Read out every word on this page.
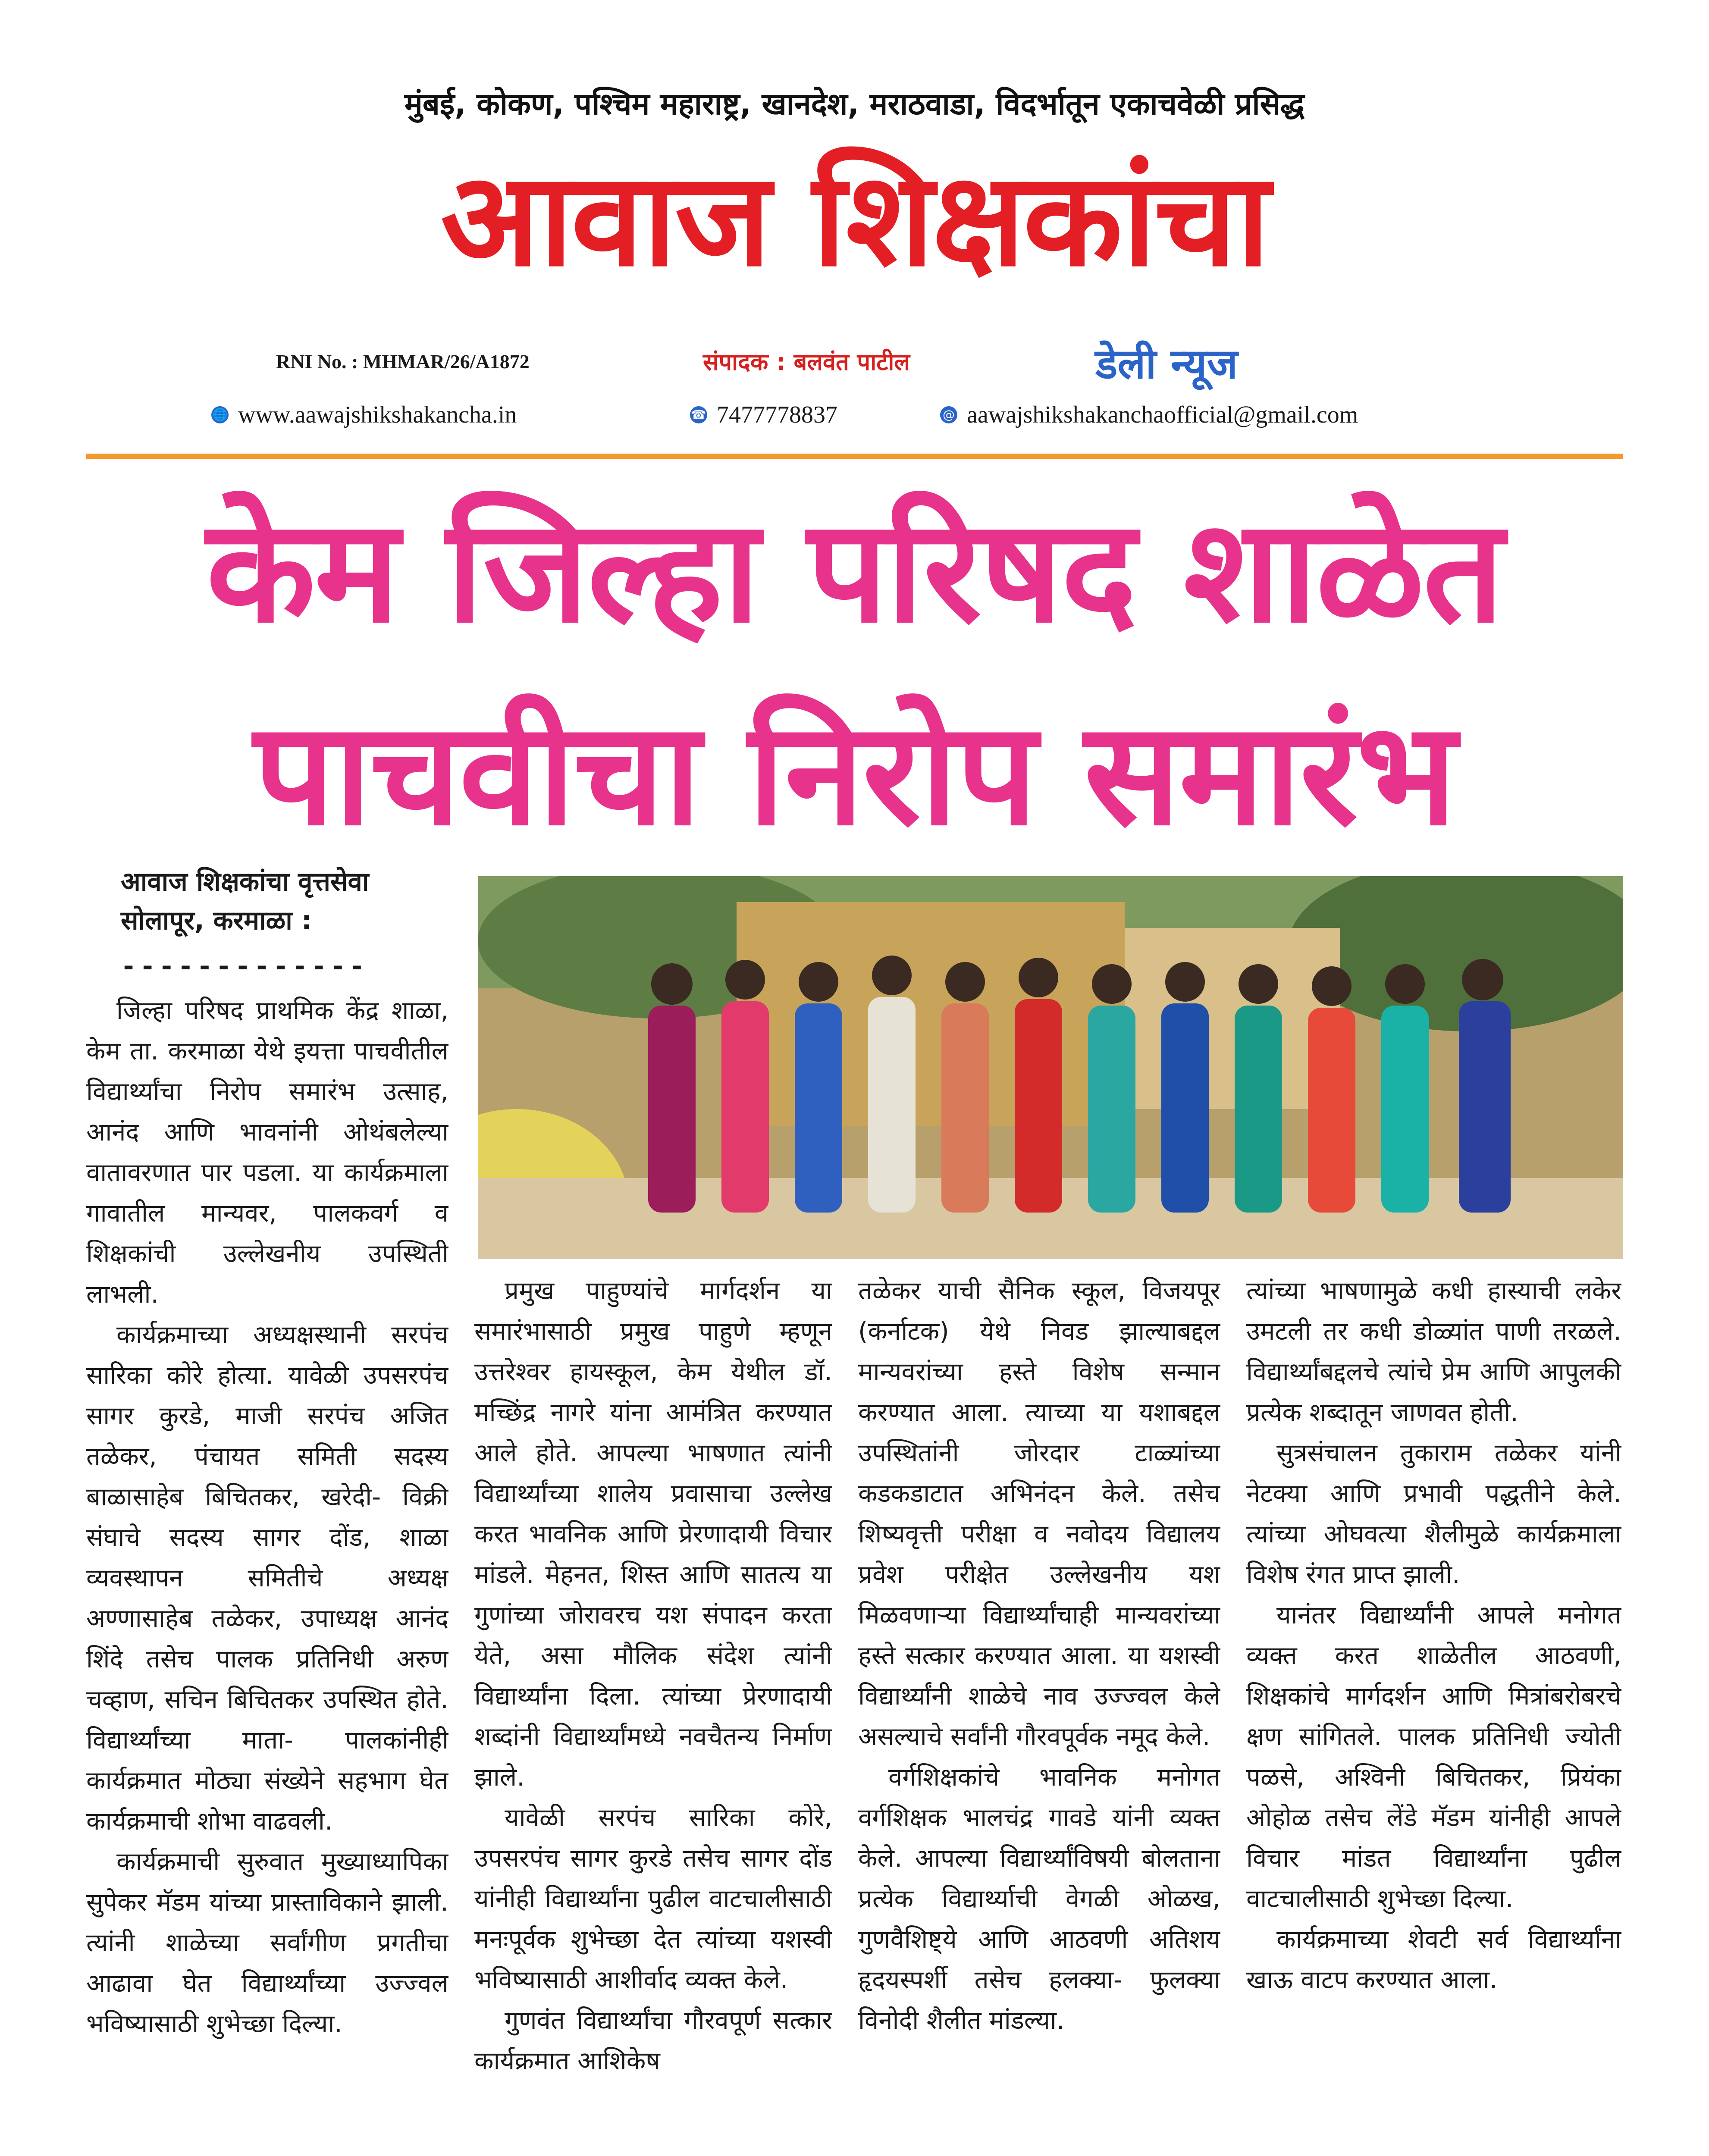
मुंबई, कोकण, पश्चिम महाराष्ट्र, खानदेश, मराठवाडा, विदर्भातून एकाचवेळी प्रसिद्ध
आवाज शिक्षकांचा
RNI No. : MHMAR/26/A1872	संपादक : बलवंत पाटील	डेली न्यूज
🌐 www.aawajshikshakancha.in	☎ 7477778837	@ aawajshikshakanchaofficial@gmail.com
केम जिल्हा परिषद शाळेत
पाचवीचा निरोप समारंभ
आवाज शिक्षकांचा वृत्तसेवा
सोलापूर, करमाळा :
-------------

जिल्हा परिषद प्राथमिक केंद्र शाळा, केम ता. करमाळा येथे इयत्ता पाचवीतील विद्यार्थ्यांचा निरोप समारंभ उत्साह, आनंद आणि भावनांनी ओथंबलेल्या वातावरणात पार पडला. या कार्यक्रमाला गावातील मान्यवर, पालकवर्ग व शिक्षकांची उल्लेखनीय उपस्थिती लाभली.

कार्यक्रमाच्या अध्यक्षस्थानी सरपंच सारिका कोरे होत्या. यावेळी उपसरपंच सागर कुरडे, माजी सरपंच अजित तळेकर, पंचायत समिती सदस्य बाळासाहेब बिचितकर, खरेदी- विक्री संघाचे सदस्य सागर दोंड, शाळा व्यवस्थापन समितीचे अध्यक्ष अण्णासाहेब तळेकर, उपाध्यक्ष आनंद शिंदे तसेच पालक प्रतिनिधी अरुण चव्हाण, सचिन बिचितकर उपस्थित होते. विद्यार्थ्यांच्या माता- पालकांनीही कार्यक्रमात मोठ्या संख्येने सहभाग घेत कार्यक्रमाची शोभा वाढवली.

कार्यक्रमाची सुरुवात मुख्याध्यापिका सुपेकर मॅडम यांच्या प्रास्ताविकाने झाली. त्यांनी शाळेच्या सर्वांगीण प्रगतीचा आढावा घेत विद्यार्थ्यांच्या उज्ज्वल भविष्यासाठी शुभेच्छा दिल्या.

प्रमुख पाहुण्यांचे मार्गदर्शन या समारंभासाठी प्रमुख पाहुणे म्हणून उत्तरेश्वर हायस्कूल, केम येथील डॉ. मच्छिंद्र नागरे यांना आमंत्रित करण्यात आले होते. आपल्या भाषणात त्यांनी विद्यार्थ्यांच्या शालेय प्रवासाचा उल्लेख करत भावनिक आणि प्रेरणादायी विचार मांडले. मेहनत, शिस्त आणि सातत्य या गुणांच्या जोरावरच यश संपादन करता येते, असा मौलिक संदेश त्यांनी विद्यार्थ्यांना दिला. त्यांच्या प्रेरणादायी शब्दांनी विद्यार्थ्यांमध्ये नवचैतन्य निर्माण झाले.

यावेळी सरपंच सारिका कोरे, उपसरपंच सागर कुरडे तसेच सागर दोंड यांनीही विद्यार्थ्यांना पुढील वाटचालीसाठी मनःपूर्वक शुभेच्छा देत त्यांच्या यशस्वी भविष्यासाठी आशीर्वाद व्यक्त केले.

गुणवंत विद्यार्थ्यांचा गौरवपूर्ण सत्कार कार्यक्रमात आशिकेष

तळेकर याची सैनिक स्कूल, विजयपूर (कर्नाटक) येथे निवड झाल्याबद्दल मान्यवरांच्या हस्ते विशेष सन्मान करण्यात आला. त्याच्या या यशाबद्दल उपस्थितांनी जोरदार टाळ्यांच्या कडकडाटात अभिनंदन केले. तसेच शिष्यवृत्ती परीक्षा व नवोदय विद्यालय प्रवेश परीक्षेत उल्लेखनीय यश मिळवणाऱ्या विद्यार्थ्यांचाही मान्यवरांच्या हस्ते सत्कार करण्यात आला. या यशस्वी विद्यार्थ्यांनी शाळेचे नाव उज्ज्वल केले असल्याचे सर्वांनी गौरवपूर्वक नमूद केले.

वर्गशिक्षकांचे भावनिक मनोगत वर्गशिक्षक भालचंद्र गावडे यांनी व्यक्त केले. आपल्या विद्यार्थ्यांविषयी बोलताना प्रत्येक विद्यार्थ्याची वेगळी ओळख, गुणवैशिष्ट्ये आणि आठवणी अतिशय हृदयस्पर्शी तसेच हलक्या- फुलक्या विनोदी शैलीत मांडल्या.

त्यांच्या भाषणामुळे कधी हास्याची लकेर उमटली तर कधी डोळ्यांत पाणी तरळले. विद्यार्थ्यांबद्दलचे त्यांचे प्रेम आणि आपुलकी प्रत्येक शब्दातून जाणवत होती.

सुत्रसंचालन तुकाराम तळेकर यांनी नेटक्या आणि प्रभावी पद्धतीने केले. त्यांच्या ओघवत्या शैलीमुळे कार्यक्रमाला विशेष रंगत प्राप्त झाली.

यानंतर विद्यार्थ्यांनी आपले मनोगत व्यक्त करत शाळेतील आठवणी, शिक्षकांचे मार्गदर्शन आणि मित्रांबरोबरचे क्षण सांगितले. पालक प्रतिनिधी ज्योती पळसे, अश्विनी बिचितकर, प्रियंका ओहोळ तसेच लेंडे मॅडम यांनीही आपले विचार मांडत विद्यार्थ्यांना पुढील वाटचालीसाठी शुभेच्छा दिल्या.

कार्यक्रमाच्या शेवटी सर्व विद्यार्थ्यांना खाऊ वाटप करण्यात आला.
